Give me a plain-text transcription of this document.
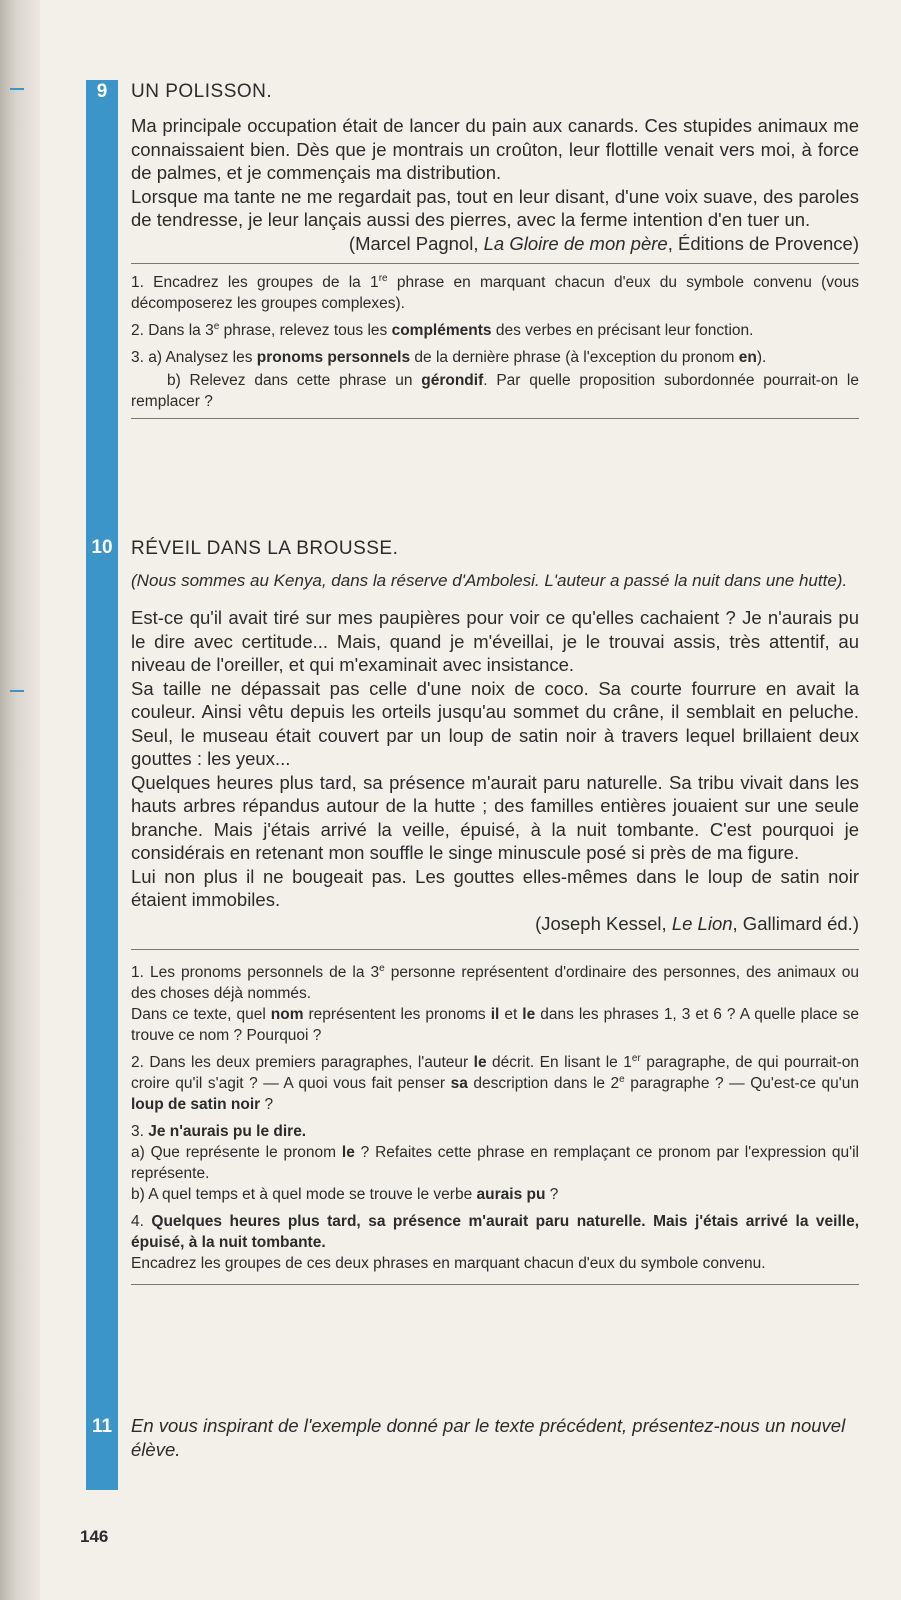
9
10
11
UN POLISSON.

Ma principale occupation était de lancer du pain aux canards. Ces stupides animaux me connaissaient bien. Dès que je montrais un croûton, leur flottille venait vers moi, à force de palmes, et je commençais ma distribution.

Lorsque ma tante ne me regardait pas, tout en leur disant, d'une voix suave, des paroles de tendresse, je leur lançais aussi des pierres, avec la ferme intention d'en tuer un.

(Marcel Pagnol, La Gloire de mon père, Éditions de Provence)

1. Encadrez les groupes de la 1re phrase en marquant chacun d'eux du symbole convenu (vous décomposerez les groupes complexes).

2. Dans la 3e phrase, relevez tous les compléments des verbes en précisant leur fonction.

3. a) Analysez les pronoms personnels de la dernière phrase (à l'exception du pronom en).

b) Relevez dans cette phrase un gérondif. Par quelle proposition subordonnée pourrait-on le remplacer ?

RÉVEIL DANS LA BROUSSE.

(Nous sommes au Kenya, dans la réserve d'Ambolesi. L'auteur a passé la nuit dans une hutte).

Est-ce qu'il avait tiré sur mes paupières pour voir ce qu'elles cachaient ? Je n'aurais pu le dire avec certitude... Mais, quand je m'éveillai, je le trouvai assis, très attentif, au niveau de l'oreiller, et qui m'examinait avec insistance.

Sa taille ne dépassait pas celle d'une noix de coco. Sa courte fourrure en avait la couleur. Ainsi vêtu depuis les orteils jusqu'au sommet du crâne, il semblait en peluche. Seul, le museau était couvert par un loup de satin noir à travers lequel brillaient deux gouttes : les yeux...

Quelques heures plus tard, sa présence m'aurait paru naturelle. Sa tribu vivait dans les hauts arbres répandus autour de la hutte ; des familles entières jouaient sur une seule branche. Mais j'étais arrivé la veille, épuisé, à la nuit tombante. C'est pourquoi je considérais en retenant mon souffle le singe minuscule posé si près de ma figure.

Lui non plus il ne bougeait pas. Les gouttes elles-mêmes dans le loup de satin noir étaient immobiles.

(Joseph Kessel, Le Lion, Gallimard éd.)

1. Les pronoms personnels de la 3e personne représentent d'ordinaire des personnes, des animaux ou des choses déjà nommés.
Dans ce texte, quel nom représentent les pronoms il et le dans les phrases 1, 3 et 6 ? A quelle place se trouve ce nom ? Pourquoi ?

2. Dans les deux premiers paragraphes, l'auteur le décrit. En lisant le 1er paragraphe, de qui pourrait-on croire qu'il s'agit ? — A quoi vous fait penser sa description dans le 2e paragraphe ? — Qu'est-ce qu'un loup de satin noir ?

3. Je n'aurais pu le dire.
a) Que représente le pronom le ? Refaites cette phrase en remplaçant ce pronom par l'expression qu'il représente.
b) A quel temps et à quel mode se trouve le verbe aurais pu ?

4. Quelques heures plus tard, sa présence m'aurait paru naturelle. Mais j'étais arrivé la veille, épuisé, à la nuit tombante.
Encadrez les groupes de ces deux phrases en marquant chacun d'eux du symbole convenu.

En vous inspirant de l'exemple donné par le texte précédent, présentez-nous un nouvel élève.

146
